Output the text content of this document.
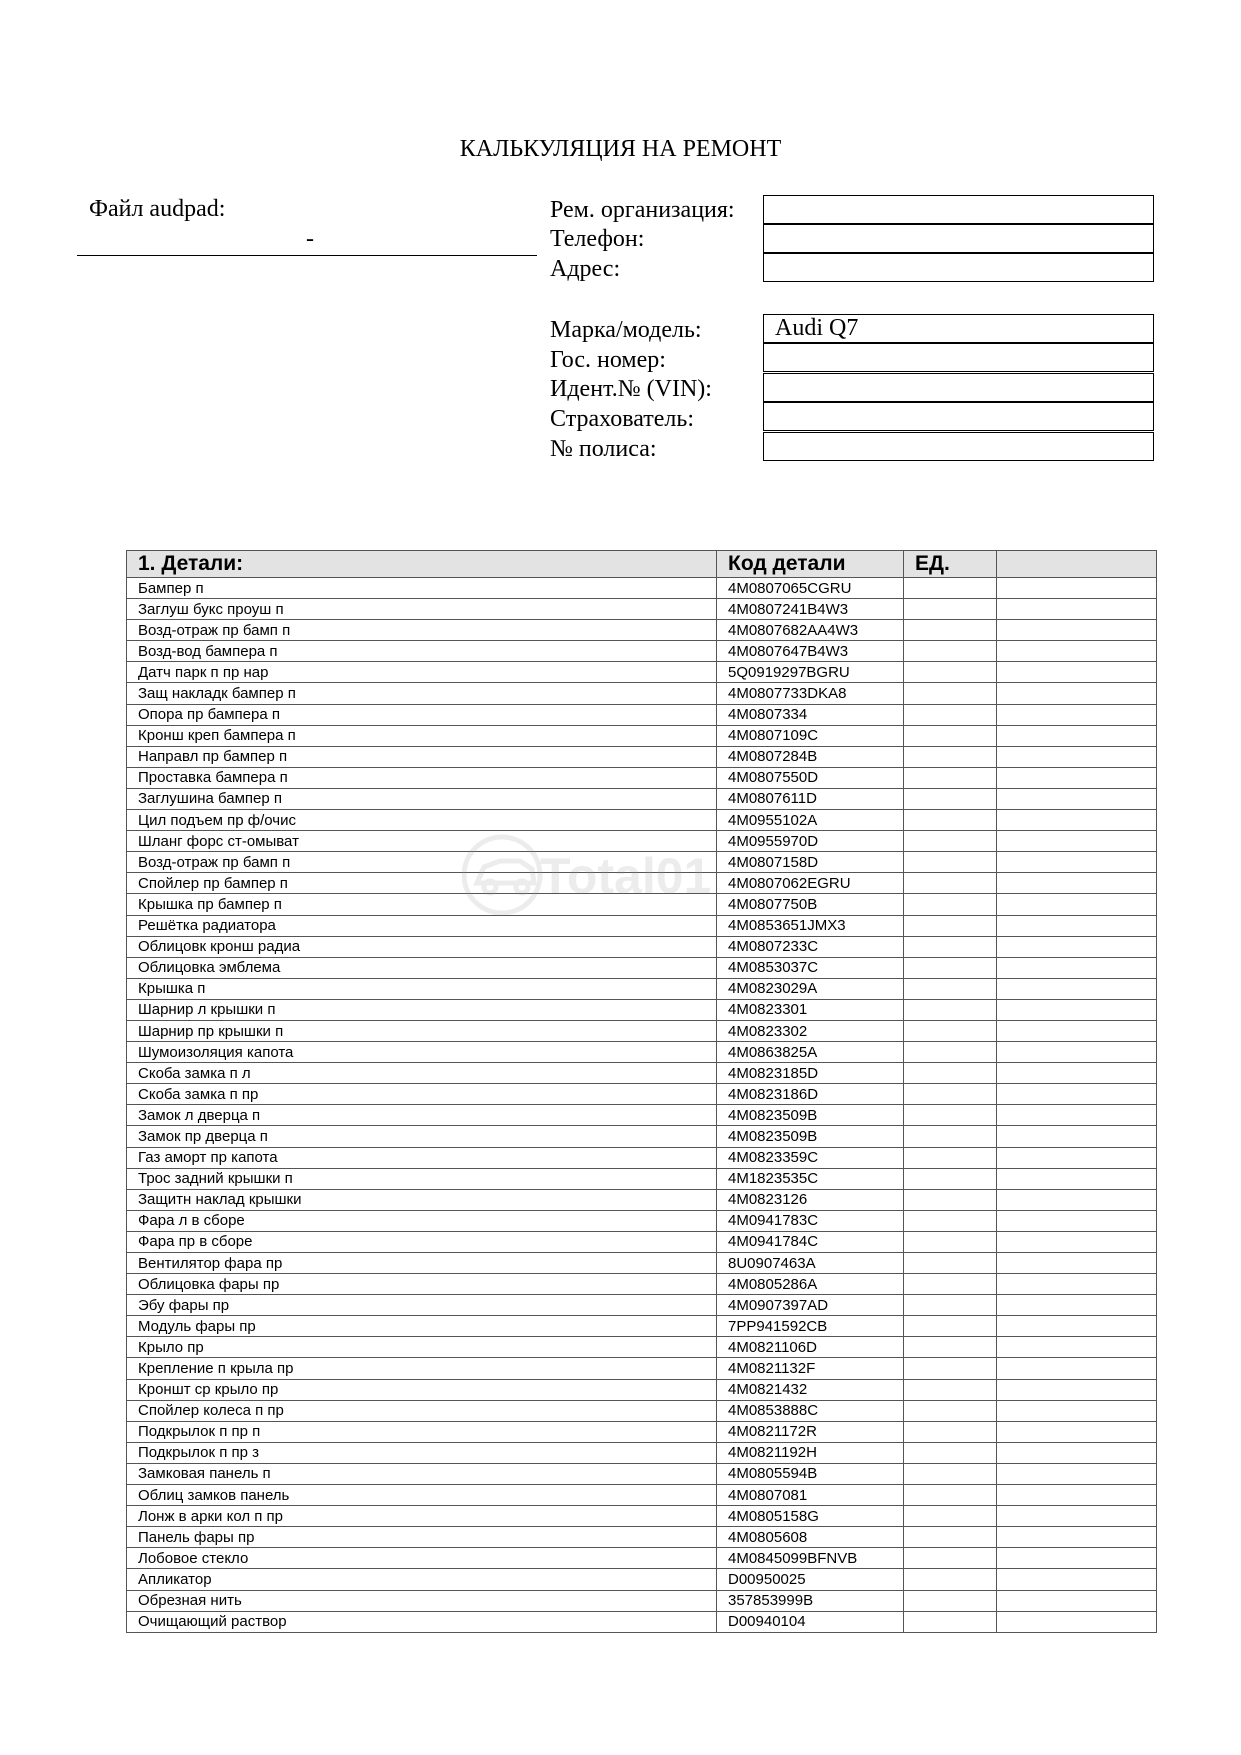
КАЛЬКУЛЯЦИЯ НА РЕМОНТ
Файл audpad:
-
Рем. организация:
Телефон:
Адрес:
Марка/модель:	Audi Q7
Гос. номер:
Идент.№ (VIN):
Страхователь:
№ полиса:
1. Детали:	Код детали	ЕД.	
Бампер п	4M0807065CGRU		
Заглуш букс проуш п	4M0807241B4W3		
Возд-отраж пр бамп п	4M0807682AA4W3		
Возд-вод бампера п	4M0807647B4W3		
Датч парк п пр нар	5Q0919297BGRU		
Защ накладк бампер п	4M0807733DKA8		
Опора пр бампера п	4M0807334		
Кронш креп бампера п	4M0807109C		
Направл пр бампер п	4M0807284B		
Проставка бампера п	4M0807550D		
Заглушина бампер п	4M0807611D		
Цил подъем пр ф/очис	4M0955102A		
Шланг форс ст-омыват	4M0955970D		
Возд-отраж пр бамп п	4M0807158D		
Спойлер пр бампер п	4M0807062EGRU		
Крышка пр бампер п	4M0807750B		
Решётка радиатора	4M0853651JMX3		
Облицовк кронш радиа	4M0807233C		
Облицовка эмблема	4M0853037C		
Крышка п	4M0823029A		
Шарнир л крышки п	4M0823301		
Шарнир пр крышки п	4M0823302		
Шумоизоляция капота	4M0863825A		
Скоба замка п л	4M0823185D		
Скоба замка п пр	4M0823186D		
Замок л дверца п	4M0823509B		
Замок пр дверца п	4M0823509B		
Газ аморт пр капота	4M0823359C		
Трос задний крышки п	4M1823535C		
Защитн наклад крышки	4M0823126		
Фара л в сборе	4M0941783C		
Фара пр в сборе	4M0941784C		
Вентилятор фара пр	8U0907463A		
Облицовка фары пр	4M0805286A		
Эбу фары пр	4M0907397AD		
Модуль фары пр	7PP941592CB		
Крыло пр	4M0821106D		
Крепление п крыла пр	4M0821132F		
Кроншт ср крыло пр	4M0821432		
Спойлер колеса п пр	4M0853888C		
Подкрылок п пр п	4M0821172R		
Подкрылок п пр з	4M0821192H		
Замковая панель п	4M0805594B		
Облиц замков панель	4M0807081		
Лонж в арки кол п пр	4M0805158G		
Панель фары пр	4M0805608		
Лобовое стекло	4M0845099BFNVB		
Апликатор	D00950025		
Обрезная нить	357853999B		
Очищающий раствор	D00940104		
Total01
